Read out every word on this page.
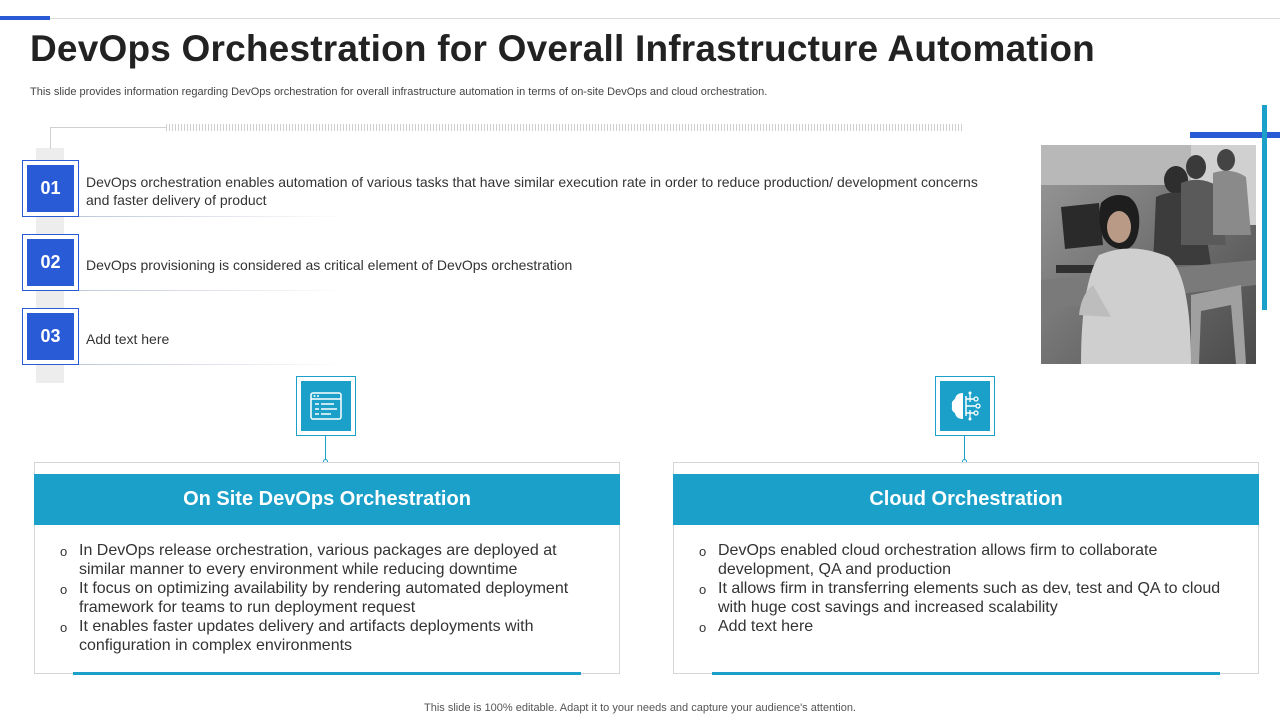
DevOps Orchestration for Overall Infrastructure Automation

This slide provides information regarding DevOps orchestration for overall infrastructure automation in terms of on-site DevOps and cloud orchestration.

01	DevOps orchestration enables automation of various tasks that have similar execution rate in order to reduce production/ development concerns and faster delivery of product

02	DevOps provisioning is considered as critical element of DevOps orchestration

03	Add text here

On Site DevOps Orchestration

o In DevOps release orchestration, various packages are deployed at similar manner to every environment while reducing downtime

o It focus on optimizing availability by rendering automated deployment framework for teams to run deployment request

o It enables faster updates delivery and artifacts deployments with configuration in complex environments

Cloud Orchestration

o DevOps enabled cloud orchestration allows firm to collaborate development, QA and production

o It allows firm in transferring elements such as dev, test and QA to cloud with huge cost savings and increased scalability

o Add text here

This slide is 100% editable. Adapt it to your needs and capture your audience's attention.
